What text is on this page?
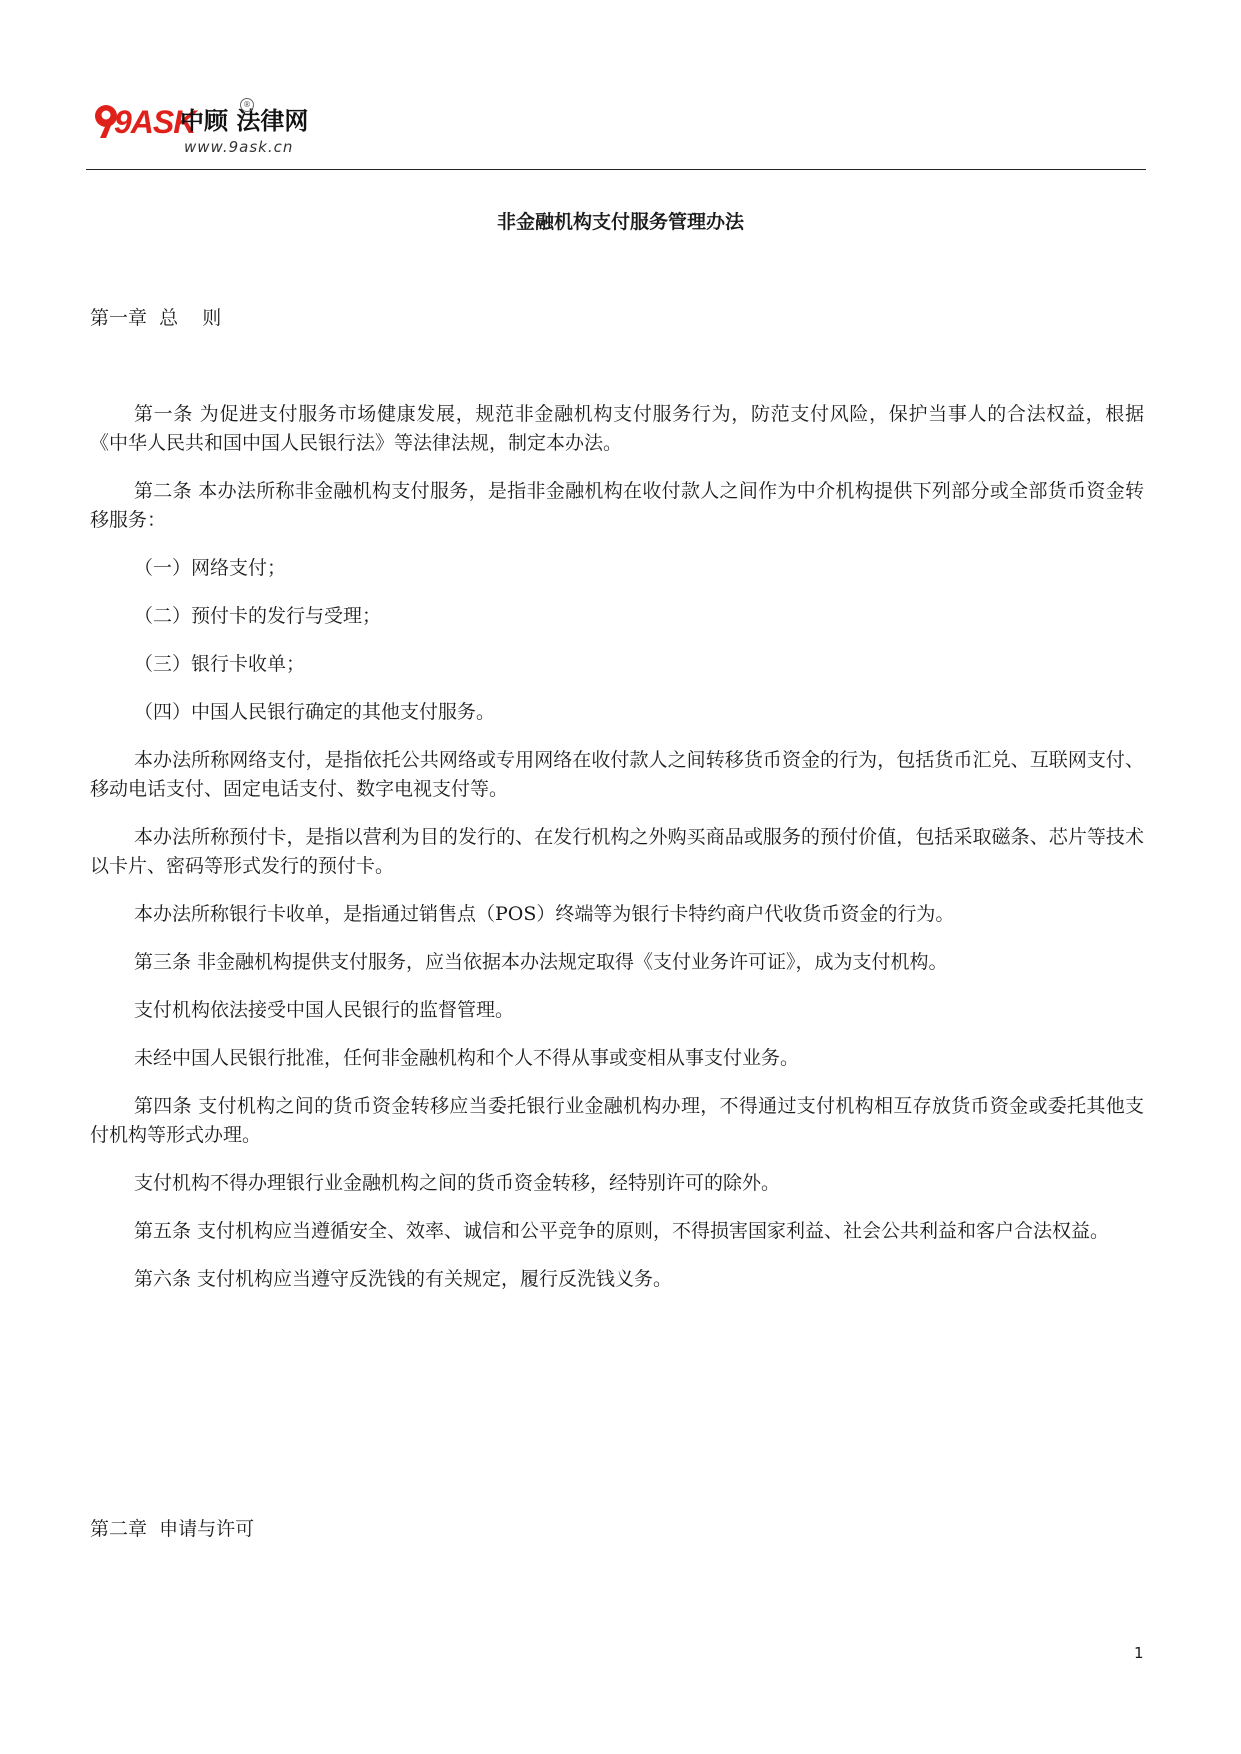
9ASK
中顾 法律网
®
www.9ask.cn
非金融机构支付服务管理办法
第一章  总    则

第一条 为促进支付服务市场健康发展，规范非金融机构支付服务行为，防范支付风险，保护当事人的合法权益，根据《中华人民共和国中国人民银行法》等法律法规，制定本办法。

第二条 本办法所称非金融机构支付服务，是指非金融机构在收付款人之间作为中介机构提供下列部分或全部货币资金转移服务：

（一）网络支付；

（二）预付卡的发行与受理；

（三）银行卡收单；

（四）中国人民银行确定的其他支付服务。

本办法所称网络支付，是指依托公共网络或专用网络在收付款人之间转移货币资金的行为，包括货币汇兑、互联网支付、移动电话支付、固定电话支付、数字电视支付等。

本办法所称预付卡，是指以营利为目的发行的、在发行机构之外购买商品或服务的预付价值，包括采取磁条、芯片等技术以卡片、密码等形式发行的预付卡。

本办法所称银行卡收单，是指通过销售点（POS）终端等为银行卡特约商户代收货币资金的行为。

第三条 非金融机构提供支付服务，应当依据本办法规定取得《支付业务许可证》，成为支付机构。

支付机构依法接受中国人民银行的监督管理。

未经中国人民银行批准，任何非金融机构和个人不得从事或变相从事支付业务。

第四条 支付机构之间的货币资金转移应当委托银行业金融机构办理，不得通过支付机构相互存放货币资金或委托其他支付机构等形式办理。

支付机构不得办理银行业金融机构之间的货币资金转移，经特别许可的除外。

第五条 支付机构应当遵循安全、效率、诚信和公平竞争的原则，不得损害国家利益、社会公共利益和客户合法权益。

第六条 支付机构应当遵守反洗钱的有关规定，履行反洗钱义务。

第二章  申请与许可
1
